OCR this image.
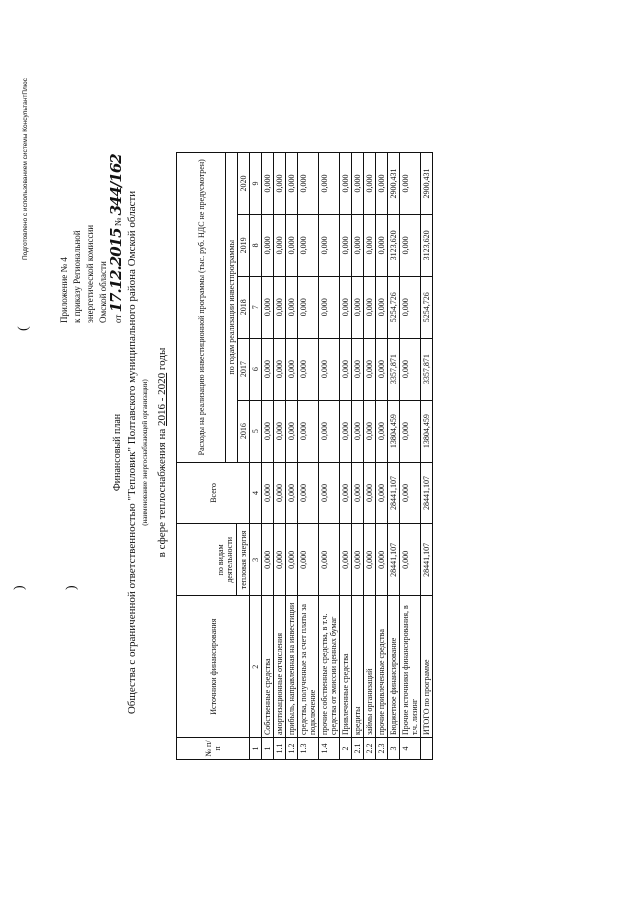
Подготовлено с использованием системы КонсультантПлюс
Приложение № 4 к приказу Региональной энергетической комиссии Омской области от 17.12.2015 № 344/162
(
)	)
Финансовый план Общества с ограниченной ответственностью "Тепловик" Полтавского муниципального района Омской области (наименование энергоснабжающей организации) в сфере теплоснабжения на 2016 - 2020 годы
№ п/п	Источники финансирования	по видам деятельности тепловая энергия	Всего	Расходы на реализацию инвестиционной программы (тыс. руб. НДС не предусмотрен)				
				по годам реализации инвестпрограммы				
				2016	2017	2018	2019	2020
1	2	3	4	5	6	7	8	9
1	Собственные средства	0,000	0,000	0,000	0,000	0,000	0,000	0,000
1.1	амортизационные отчисления	0,000	0,000	0,000	0,000	0,000	0,000	0,000
1.2	прибыль, направленная на инвестиции	0,000	0,000	0,000	0,000	0,000	0,000	0,000
1.3	средства, полученные за счет платы за подключение	0,000	0,000	0,000	0,000	0,000	0,000	0,000
1.4	прочие собственные средства, в т.ч. средства от эмиссии ценных бумаг	0,000	0,000	0,000	0,000	0,000	0,000	0,000
2	Привлеченные средства	0,000	0,000	0,000	0,000	0,000	0,000	0,000
2.1	кредиты	0,000	0,000	0,000	0,000	0,000	0,000	0,000
2.2	займы организаций	0,000	0,000	0,000	0,000	0,000	0,000	0,000
2.3	прочие привлеченные средства	0,000	0,000	0,000	0,000	0,000	0,000	0,000
3	Бюджетное финансирование	28441,107	28441,107	13804,459	3357,871	5254,726	3123,620	2900,431
4	Прочие источники финансирования, в т.ч. лизинг	0,000	0,000	0,000	0,000	0,000	0,000	0,000
	ИТОГО по программе	28441,107	28441,107	13804,459	3357,871	5254,726	3123,620	2900,431
